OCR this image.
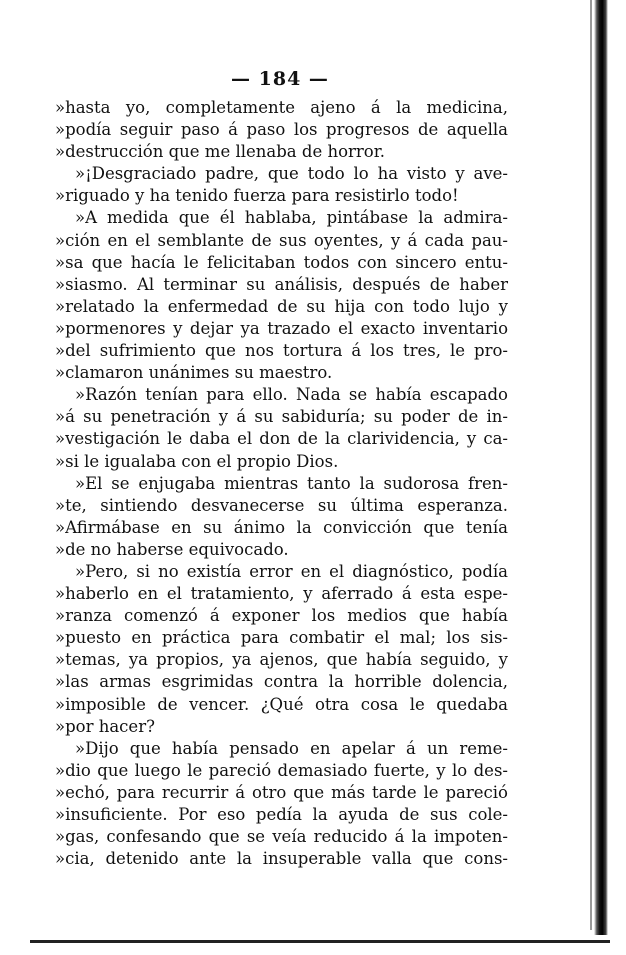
— 184 —
»hasta yo, completamente ajeno á la medicina,
»podía seguir paso á paso los progresos de aquella
»destrucción que me llenaba de horror.
»¡Desgraciado padre, que todo lo ha visto y ave-
»riguado y ha tenido fuerza para resistirlo todo!
»A medida que él hablaba, pintábase la admira-
»ción en el semblante de sus oyentes, y á cada pau-
»sa que hacía le felicitaban todos con sincero entu-
»siasmo. Al terminar su análisis, después de haber
»relatado la enfermedad de su hija con todo lujo y
»pormenores y dejar ya trazado el exacto inventario
»del sufrimiento que nos tortura á los tres, le pro-
»clamaron unánimes su maestro.
»Razón tenían para ello. Nada se había escapado
»á su penetración y á su sabiduría; su poder de in-
»vestigación le daba el don de la clarividencia, y ca-
»si le igualaba con el propio Dios.
»El se enjugaba mientras tanto la sudorosa fren-
»te, sintiendo desvanecerse su última esperanza.
»Afirmábase en su ánimo la convicción que tenía
»de no haberse equivocado.
»Pero, si no existía error en el diagnóstico, podía
»haberlo en el tratamiento, y aferrado á esta espe-
»ranza comenzó á exponer los medios que había
»puesto en práctica para combatir el mal; los sis-
»temas, ya propios, ya ajenos, que había seguido, y
»las armas esgrimidas contra la horrible dolencia,
»imposible de vencer. ¿Qué otra cosa le quedaba
»por hacer?
»Dijo que había pensado en apelar á un reme-
»dio que luego le pareció demasiado fuerte, y lo des-
»echó, para recurrir á otro que más tarde le pareció
»insuficiente. Por eso pedía la ayuda de sus cole-
»gas, confesando que se veía reducido á la impoten-
»cia, detenido ante la insuperable valla que cons-
